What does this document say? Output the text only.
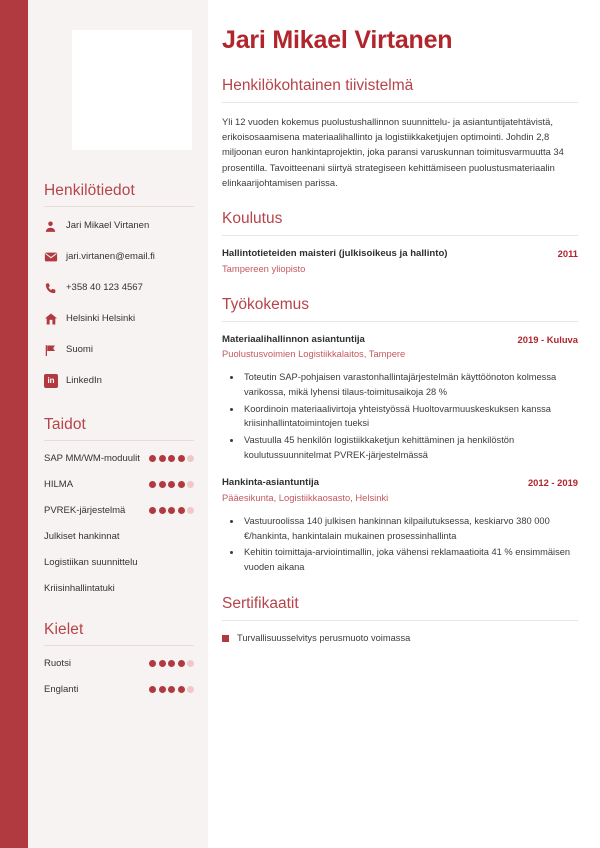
Henkilötiedot
Jari Mikael Virtanen
jari.virtanen@email.fi
+358 40 123 4567
Helsinki Helsinki
Suomi
in	LinkedIn
Taidot
SAP MM/WM-moduulit
HILMA
PVREK-järjestelmä
Julkiset hankinnat
Logistiikan suunnittelu
Kriisinhallintatuki
Kielet
Ruotsi
Englanti
Jari Mikael Virtanen
Henkilökohtainen tiivistelmä

Yli 12 vuoden kokemus puolustushallinnon suunnittelu- ja asiantuntijatehtävistä, erikoisosaamisena materiaalihallinto ja logistiikkaketjujen optimointi. Johdin 2,8 miljoonan euron hankintaprojektin, joka paransi varuskunnan toimitusvarmuutta 34 prosentilla. Tavoitteenani siirtyä strategiseen kehittämiseen puolustusmateriaalin elinkaarijohtamisen parissa.

Koulutus
Hallintotieteiden maisteri (julkisoikeus ja hallinto)	2011
Tampereen yliopisto
Työkokemus
Materiaalihallinnon asiantuntija	2019 - Kuluva
Puolustusvoimien Logistiikkalaitos, Tampere
• Toteutin SAP-pohjaisen varastonhallintajärjestelmän käyttöönoton kolmessa varikossa, mikä lyhensi tilaus-toimitusaikoja 28 %
• Koordinoin materiaalivirtoja yhteistyössä Huoltovarmuuskeskuksen kanssa kriisinhallintatoimintojen tueksi
• Vastuulla 45 henkilön logistiikkaketjun kehittäminen ja henkilöstön koulutussuunnitelmat PVREK-järjestelmässä
Hankinta-asiantuntija	2012 - 2019
Pääesikunta, Logistiikkaosasto, Helsinki
• Vastuuroolissa 140 julkisen hankinnan kilpailutuksessa, keskiarvo 380 000 €/hankinta, hankintalain mukainen prosessinhallinta
• Kehitin toimittaja-arviointimallin, joka vähensi reklamaatioita 41 % ensimmäisen vuoden aikana
Sertifikaatit
Turvallisuusselvitys perusmuoto voimassa
